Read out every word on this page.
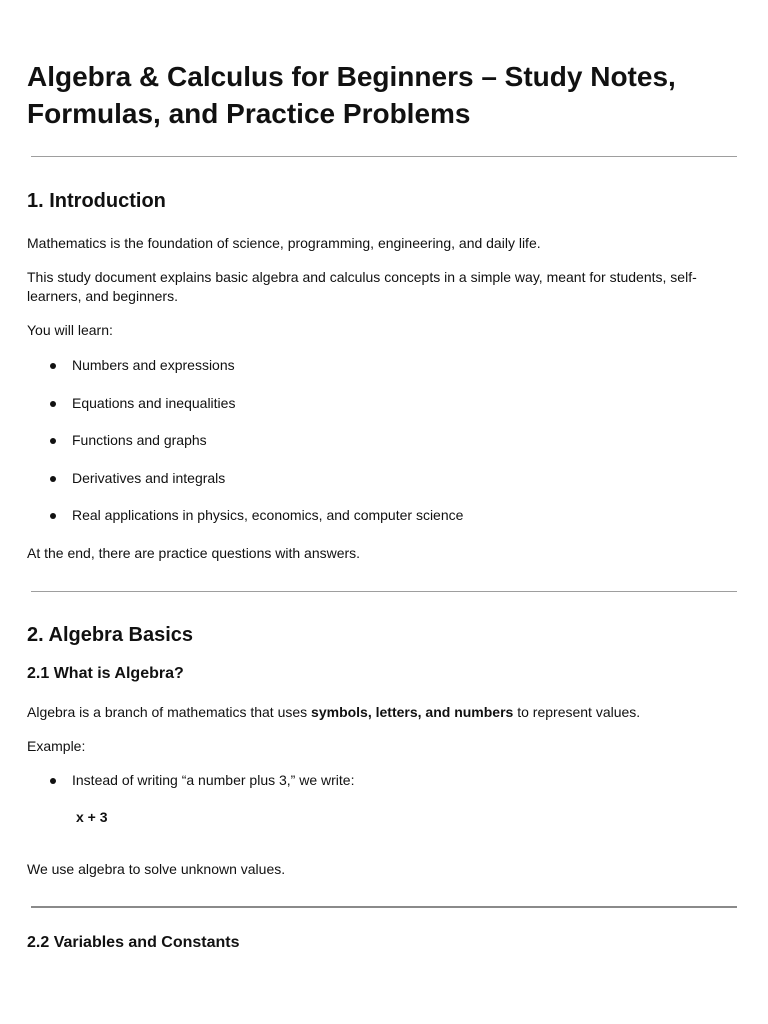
Algebra & Calculus for Beginners – Study Notes, Formulas, and Practice Problems
1. Introduction

Mathematics is the foundation of science, programming, engineering, and daily life.

This study document explains basic algebra and calculus concepts in a simple way, meant for students, self-learners, and beginners.

You will learn:

Numbers and expressions
Equations and inequalities
Functions and graphs
Derivatives and integrals
Real applications in physics, economics, and computer science

At the end, there are practice questions with answers.

2. Algebra Basics
2.1 What is Algebra?

Algebra is a branch of mathematics that uses symbols, letters, and numbers to represent values.

Example:

Instead of writing “a number plus 3,” we write:
x + 3

We use algebra to solve unknown values.

2.2 Variables and Constants
